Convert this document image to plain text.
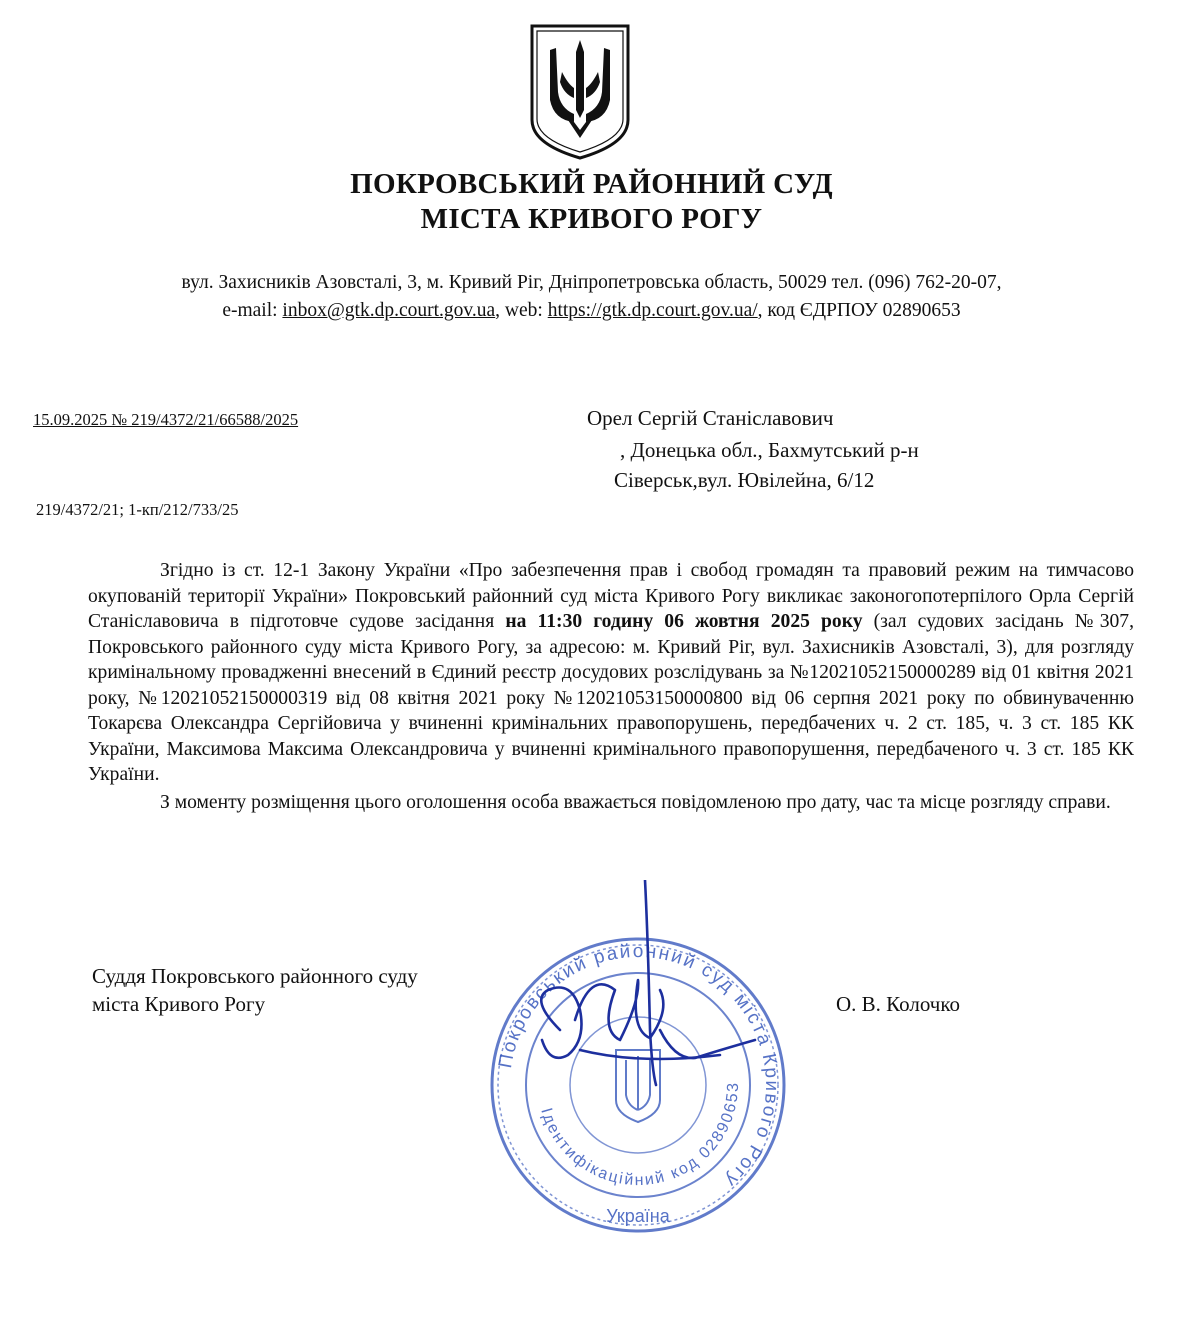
ПОКРОВСЬКИЙ РАЙОННИЙ СУД
МІСТА КРИВОГО РОГУ
вул. Захисників Азовсталі, 3, м. Кривий Ріг, Дніпропетровська область, 50029 тел. (096) 762-20-07,
e-mail: inbox@gtk.dp.court.gov.ua, web: https://gtk.dp.court.gov.ua/, код ЄДРПОУ 02890653
15.09.2025 № 219/4372/21/66588/2025
219/4372/21; 1-кп/212/733/25
Орел Сергій Станіславович
, Донецька обл., Бахмутський р-н
Сіверськ,вул. Ювілейна, 6/12

Згідно із ст. 12-1 Закону України «Про забезпечення прав і свобод громадян та правовий режим на тимчасово окупованій території України» Покровський районний суд міста Кривого Рогу викликає законогопотерпілого Орла Сергій Станіславовича в підготовче судове засідання на 11:30 годину 06 жовтня 2025 року (зал судових засідань №307, Покровського районного суду міста Кривого Рогу, за адресою: м. Кривий Ріг, вул. Захисників Азовсталі, 3), для розгляду кримінальному провадженні внесений в Єдиний реєстр досудових розслідувань за №12021052150000289 від 01 квітня 2021 року, №12021052150000319 від 08 квітня 2021 року №12021053150000800 від 06 серпня 2021 року по обвинуваченню Токарєва Олександра Сергійовича у вчиненні кримінальних правопорушень, передбачених ч. 2 ст. 185, ч. 3 ст. 185 КК України, Максимова Максима Олександровича у вчиненні кримінального правопорушення, передбаченого ч. 3 ст. 185 КК України.

З моменту розміщення цього оголошення особа вважається повідомленою про дату, час та місце розгляду справи.

Суддя Покровського районного суду
міста Кривого Рогу	О. В. Колочко
Покровський районний суд міста Кривого Рогу
Ідентифікаційний код 02890653
Україна
